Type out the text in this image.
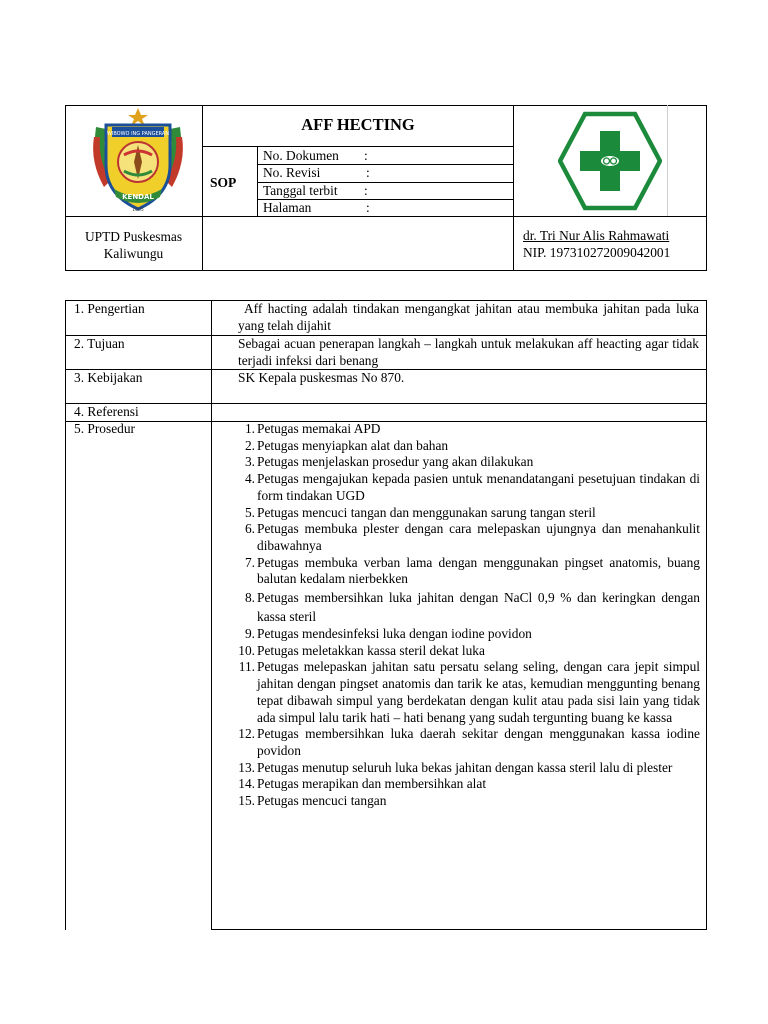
WIBOWO ING PANGERAN
KENDAL
1605
AFF HECTING
SOP
No. Dokumen :
No. Revisi	:
Tanggal terbit :
Halaman	:
UPTD Puskesmas
Kaliwungu
dr. Tri Nur Alis Rahmawati
NIP. 197310272009042001
1. Pengertian	Aff hacting adalah tindakan mengangkat jahitan atau membuka jahitan pada luka yang telah dijahit
2. Tujuan	Sebagai acuan penerapan langkah – langkah untuk melakukan aff heacting agar tidak terjadi infeksi dari benang
3. Kebijakan	SK Kepala puskesmas No 870.
4. Referensi
5. Prosedur	1. Petugas memakai APD
2. Petugas menyiapkan alat dan bahan
3. Petugas menjelaskan prosedur yang akan dilakukan
4. Petugas mengajukan kepada pasien untuk menandatangani pesetujuan tindakan di form tindakan UGD
5. Petugas mencuci tangan dan menggunakan sarung tangan steril
6. Petugas membuka plester dengan cara melepaskan ujungnya dan menahankulit dibawahnya
7. Petugas membuka verban lama dengan menggunakan pingset anatomis, buang balutan kedalam nierbekken
8. Petugas membersihkan luka jahitan dengan NaCl 0,9 % dan keringkan dengan kassa steril
9. Petugas mendesinfeksi luka dengan iodine povidon
10. Petugas meletakkan kassa steril dekat luka
11. Petugas melepaskan jahitan satu persatu selang seling, dengan cara jepit simpul jahitan dengan pingset anatomis dan tarik ke atas, kemudian menggunting benang tepat dibawah simpul yang berdekatan dengan kulit atau pada sisi lain yang tidak ada simpul lalu tarik hati – hati benang yang sudah tergunting buang ke kassa
12. Petugas membersihkan luka daerah sekitar dengan menggunakan kassa iodine povidon
13. Petugas menutup seluruh luka bekas jahitan dengan kassa steril lalu di plester
14. Petugas merapikan dan membersihkan alat
15. Petugas mencuci tangan
